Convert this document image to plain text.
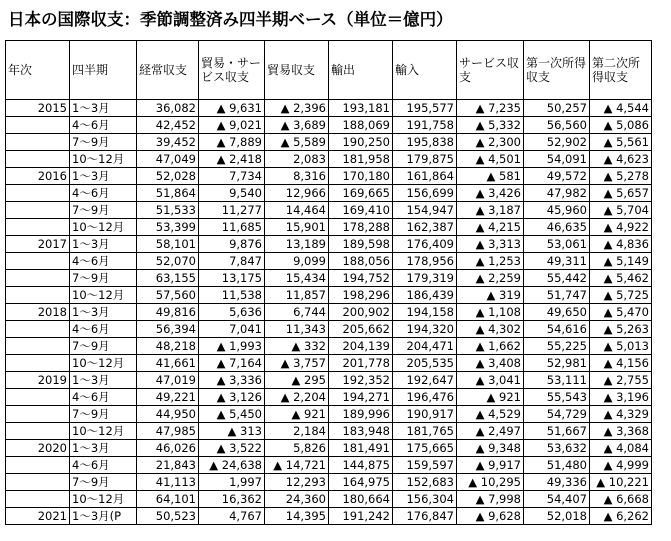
日本の国際収支：季節調整済み四半期ベース（単位＝億円）
年次	四半期	経常収支	貿易・サービス収支	貿易収支	輸出	輸入	サービス収支	第一次所得収支	第二次所得収支
2015	1～3月	36,082	▲ 9,631	▲ 2,396	193,181	195,577	▲ 7,235	50,257	▲ 4,544
	4～6月	42,452	▲ 9,021	▲ 3,689	188,069	191,758	▲ 5,332	56,560	▲ 5,086
	7～9月	39,452	▲ 7,889	▲ 5,589	190,250	195,838	▲ 2,300	52,902	▲ 5,561
	10～12月	47,049	▲ 2,418	2,083	181,958	179,875	▲ 4,501	54,091	▲ 4,623
2016	1～3月	52,028	7,734	8,316	170,180	161,864	▲ 581	49,572	▲ 5,278
	4～6月	51,864	9,540	12,966	169,665	156,699	▲ 3,426	47,982	▲ 5,657
	7～9月	51,533	11,277	14,464	169,410	154,947	▲ 3,187	45,960	▲ 5,704
	10～12月	53,399	11,685	15,901	178,288	162,387	▲ 4,215	46,635	▲ 4,922
2017	1～3月	58,101	9,876	13,189	189,598	176,409	▲ 3,313	53,061	▲ 4,836
	4～6月	52,070	7,847	9,099	188,056	178,956	▲ 1,253	49,311	▲ 5,149
	7～9月	63,155	13,175	15,434	194,752	179,319	▲ 2,259	55,442	▲ 5,462
	10～12月	57,560	11,538	11,857	198,296	186,439	▲ 319	51,747	▲ 5,725
2018	1～3月	49,816	5,636	6,744	200,902	194,158	▲ 1,108	49,650	▲ 5,470
	4～6月	56,394	7,041	11,343	205,662	194,320	▲ 4,302	54,616	▲ 5,263
	7～9月	48,218	▲ 1,993	▲ 332	204,139	204,471	▲ 1,662	55,225	▲ 5,013
	10～12月	41,661	▲ 7,164	▲ 3,757	201,778	205,535	▲ 3,408	52,981	▲ 4,156
2019	1～3月	47,019	▲ 3,336	▲ 295	192,352	192,647	▲ 3,041	53,111	▲ 2,755
	4～6月	49,221	▲ 3,126	▲ 2,204	194,271	196,476	▲ 921	55,543	▲ 3,196
	7～9月	44,950	▲ 5,450	▲ 921	189,996	190,917	▲ 4,529	54,729	▲ 4,329
	10～12月	47,985	▲ 313	2,184	183,948	181,765	▲ 2,497	51,667	▲ 3,368
2020	1～3月	46,026	▲ 3,522	5,826	181,491	175,665	▲ 9,348	53,632	▲ 4,084
	4～6月	21,843	▲ 24,638	▲ 14,721	144,875	159,597	▲ 9,917	51,480	▲ 4,999
	7～9月	41,113	1,997	12,293	164,975	152,683	▲ 10,295	49,336	▲ 10,221
	10～12月	64,101	16,362	24,360	180,664	156,304	▲ 7,998	54,407	▲ 6,668
2021	1～3月(P	50,523	4,767	14,395	191,242	176,847	▲ 9,628	52,018	▲ 6,262
